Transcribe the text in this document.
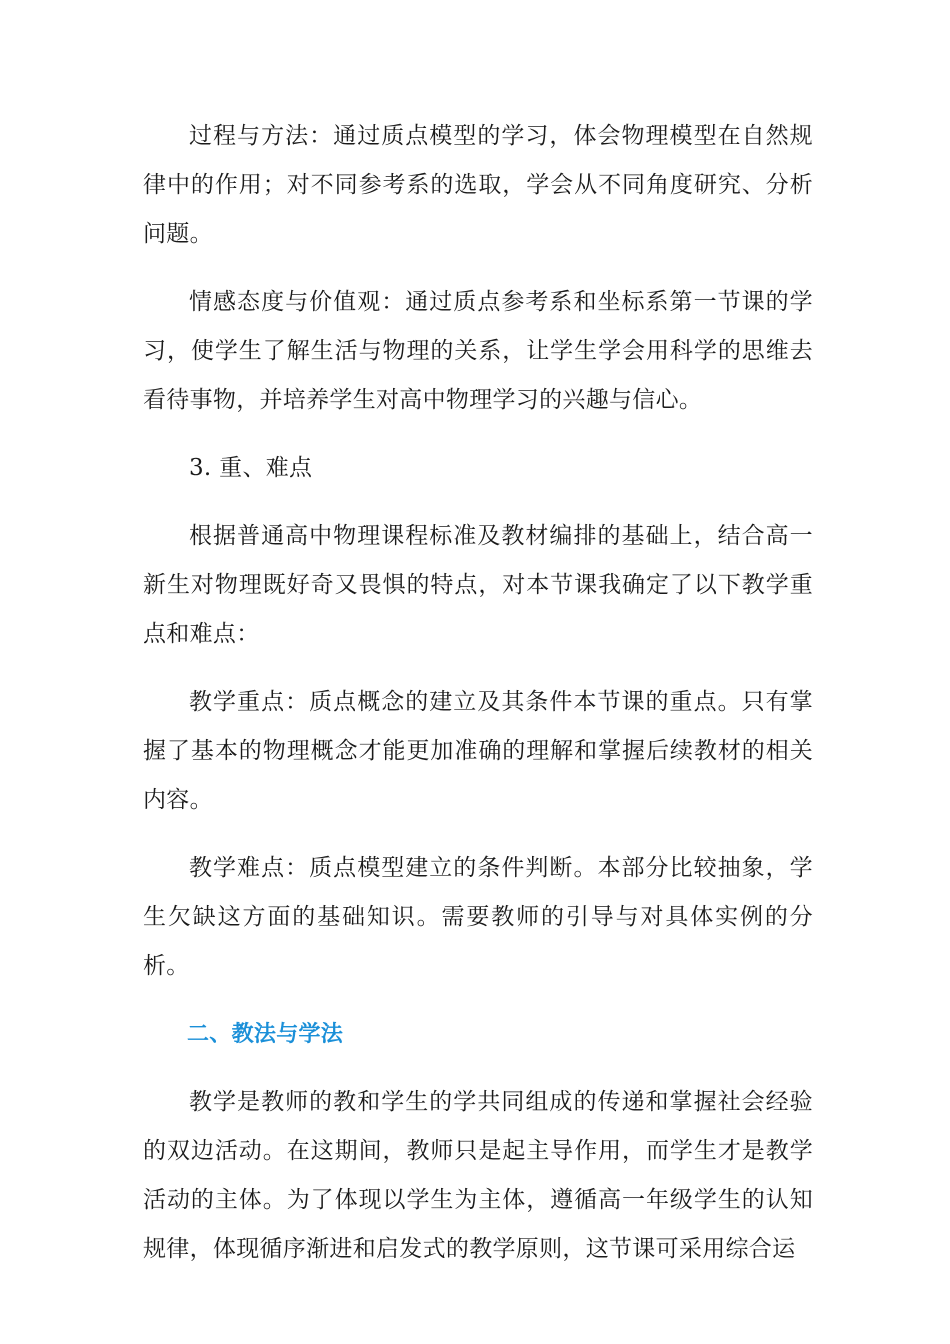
过程与方法：通过质点模型的学习，体会物理模型在自然规律中的作用；对不同参考系的选取，学会从不同角度研究、分析问题。

情感态度与价值观：通过质点参考系和坐标系第一节课的学习，使学生了解生活与物理的关系，让学生学会用科学的思维去看待事物，并培养学生对高中物理学习的兴趣与信心。

3. 重、难点

根据普通高中物理课程标准及教材编排的基础上，结合高一新生对物理既好奇又畏惧的特点，对本节课我确定了以下教学重点和难点：

教学重点：质点概念的建立及其条件本节课的重点。只有掌握了基本的物理概念才能更加准确的理解和掌握后续教材的相关内容。

教学难点：质点模型建立的条件判断。本部分比较抽象，学生欠缺这方面的基础知识。需要教师的引导与对具体实例的分析。

二、教法与学法

教学是教师的教和学生的学共同组成的传递和掌握社会经验的双边活动。在这期间，教师只是起主导作用，而学生才是教学活动的主体。为了体现以学生为主体，遵循高一年级学生的认知规律，体现循序渐进和启发式的教学原则，这节课可采用综合运
